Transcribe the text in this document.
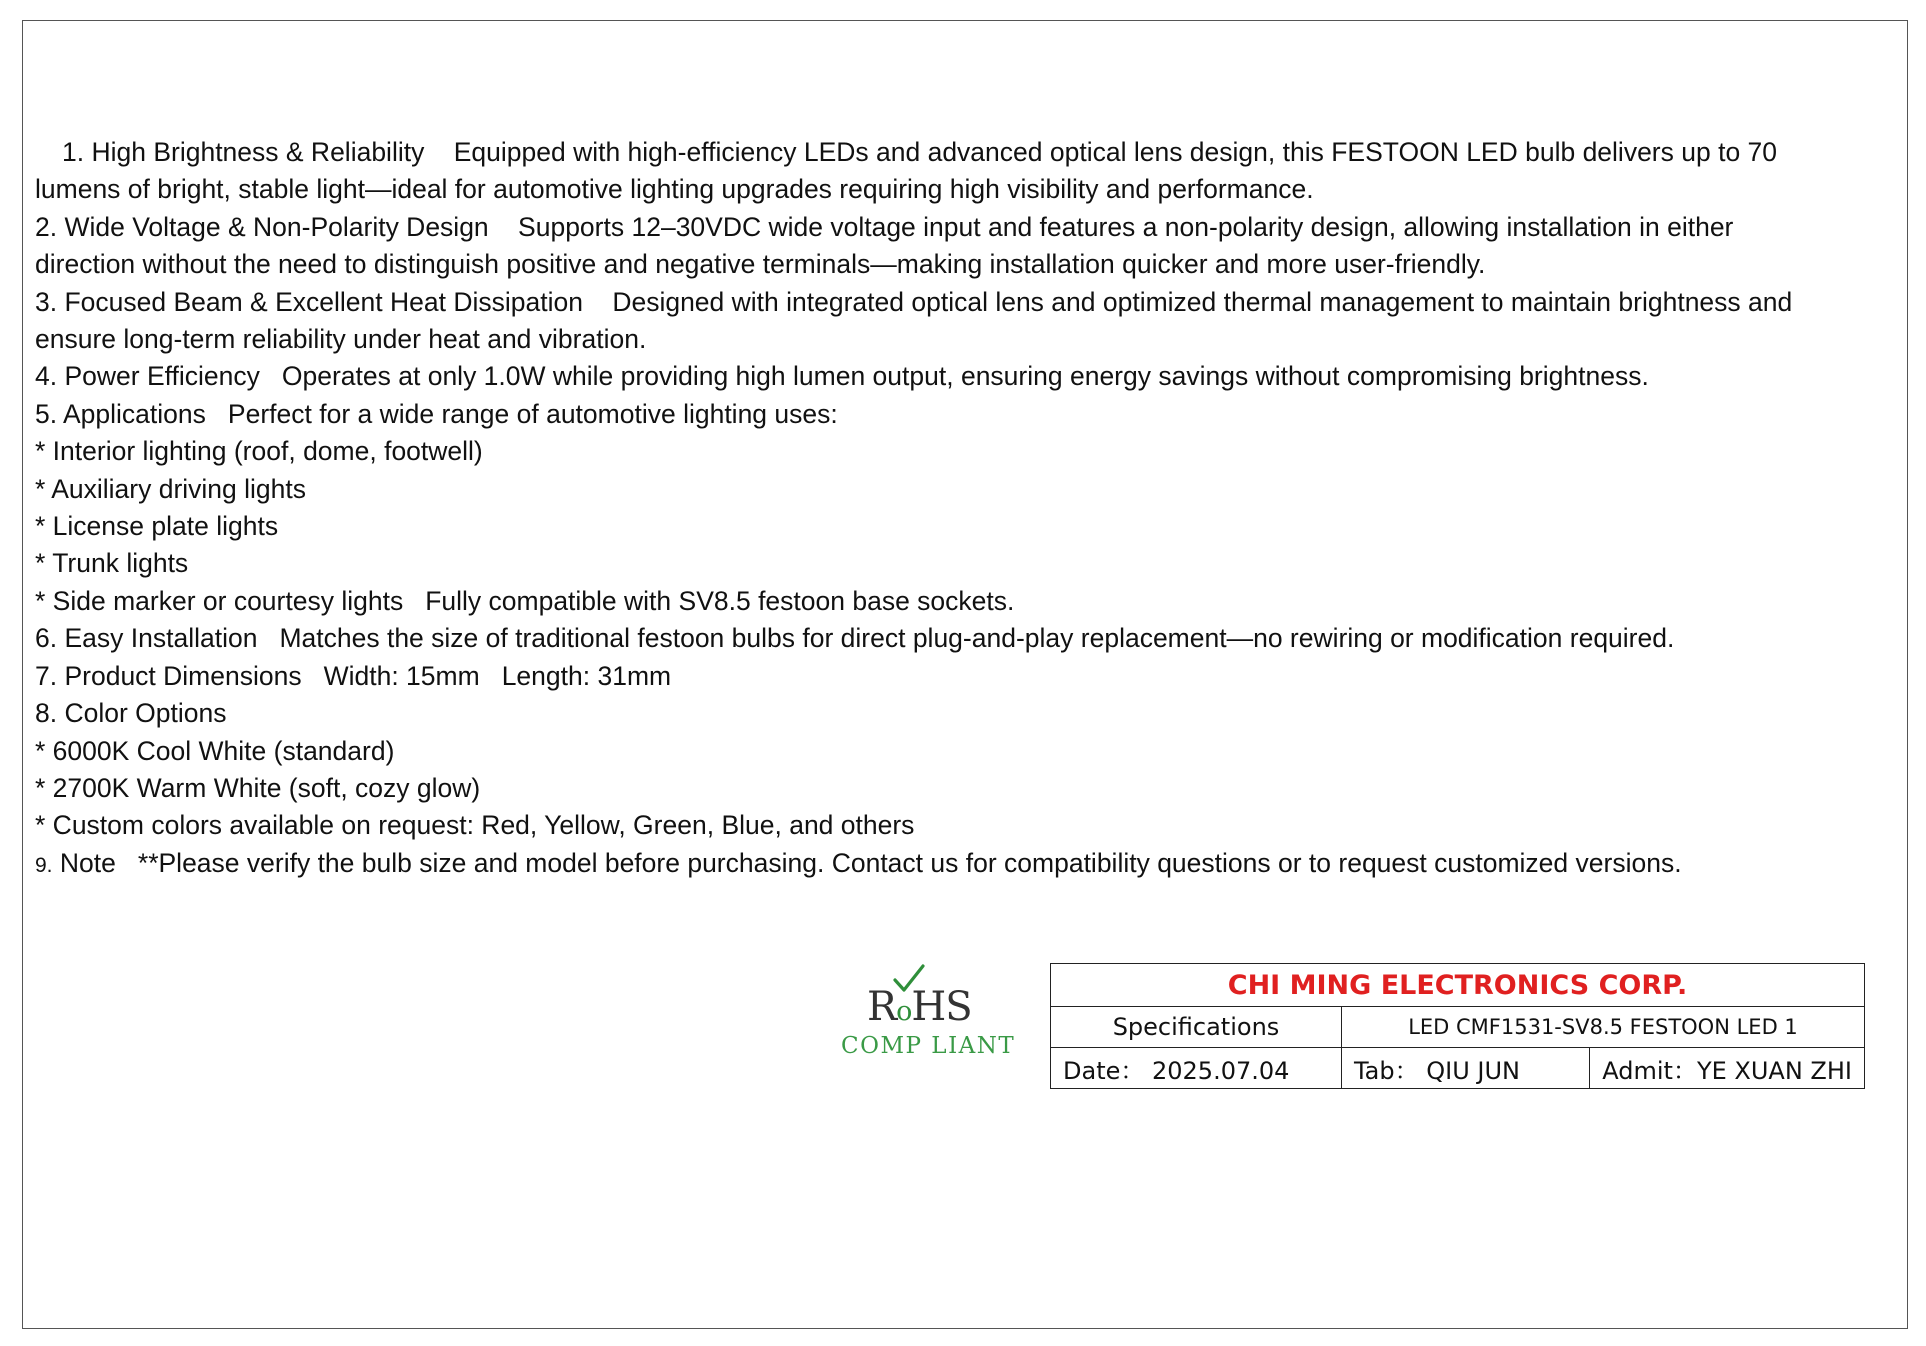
1. High Brightness & Reliability Equipped with high-efficiency LEDs and advanced optical lens design, this FESTOON LED bulb delivers up to 70
lumens of bright, stable light—ideal for automotive lighting upgrades requiring high visibility and performance.
2. Wide Voltage & Non-Polarity Design Supports 12–30VDC wide voltage input and features a non-polarity design, allowing installation in either
direction without the need to distinguish positive and negative terminals—making installation quicker and more user-friendly.
3. Focused Beam & Excellent Heat Dissipation Designed with integrated optical lens and optimized thermal management to maintain brightness and
ensure long-term reliability under heat and vibration.
4. Power Efficiency Operates at only 1.0W while providing high lumen output, ensuring energy savings without compromising brightness.
5. Applications Perfect for a wide range of automotive lighting uses:
* Interior lighting (roof, dome, footwell)
* Auxiliary driving lights
* License plate lights
* Trunk lights
* Side marker or courtesy lights Fully compatible with SV8.5 festoon base sockets.
6. Easy Installation Matches the size of traditional festoon bulbs for direct plug-and-play replacement—no rewiring or modification required.
7. Product Dimensions Width: 15mm Length: 31mm
8. Color Options
* 6000K Cool White (standard)
* 2700K Warm White (soft, cozy glow)
* Custom colors available on request: Red, Yellow, Green, Blue, and others
9. Note **Please verify the bulb size and model before purchasing. Contact us for compatibility questions or to request customized versions.
RoHS
COMP LIANT
CHI MING ELECTRONICS CORP.		
Specifications	LED CMF1531-SV8.5 FESTOON LED 1	
Date： 2025.07.04	Tab： QIU JUN	Admit：YE XUAN ZHI
